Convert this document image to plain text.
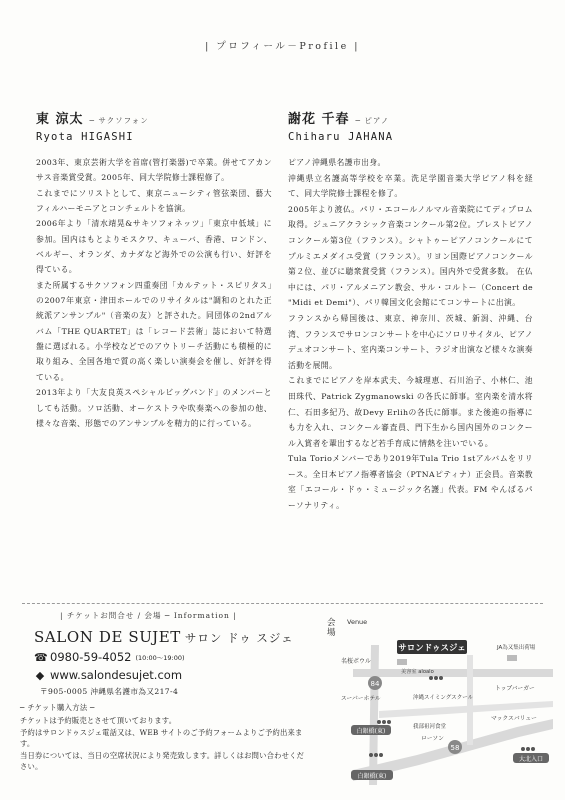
| プロフィール－Profile |
東 涼太 ─ サクソフォン
Ryota HIGASHI

2003年、東京芸術大学を首席(管打楽器)で卒業。併せてアカンサス音楽賞受賞。2005年、同大学院修士課程修了。

これまでにソリストとして、東京ニューシティ管弦楽団、藝大フィルハーモニアとコンチェルトを協演。

2006年より「清水靖晃&サキソフォネッツ」「東京中低域」に参加。国内はもとよりモスクワ、キューバ、香港、ロンドン、ベルギー、オランダ、カナダなど海外での公演も行い、好評を得ている。

また所属するサクソフォン四重奏団「カルテット・スピリタス」の2007年東京・津田ホールでのリサイタルは"調和のとれた正統派アンサンブル"（音楽の友）と評された。同団体の2ndアルバム「THE QUARTET」は「レコード芸術」誌において特選盤に選ばれる。小学校などでのアウトリーチ活動にも積極的に取り組み、全国各地で質の高く楽しい演奏会を催し、好評を得ている。

2013年より「大友良英スペシャルビッグバンド」のメンバーとしても活動。ソロ活動、オーケストラや吹奏楽への参加の他、様々な音楽、形態でのアンサンブルを精力的に行っている。

謝花 千春 ─ ピアノ
Chiharu JAHANA

ピアノ沖縄県名護市出身。

沖縄県立名護高等学校を卒業。洗足学園音楽大学ピアノ科を経て、同大学院修士課程を修了。

2005年より渡仏。パリ・エコールノルマル音楽院にてディプロム取得。ジュニアクラシック音楽コンクール第2位。プレストピアノコンクール第3位（フランス）。シャトゥーピアノコンクールにてプルミエメダイユ受賞（フランス）。リヨン国際ピアノコンクール第２位、並びに聴衆賞受賞（フランス）。国内外で受賞多数。 在仏中には、パリ・アルメニアン教会、サル・コルトー（Concert de "Midi et Demi"）、パリ韓国文化会館にてコンサートに出演。

フランスから帰国後は、東京、神奈川、茨城、新潟、沖縄、台湾、フランスでサロンコンサートを中心にソロリサイタル、ピアノデュオコンサート、室内楽コンサート、ラジオ出演など様々な演奏活動を展開。

これまでにピアノを岸本武夫、今城理恵、石川治子、小林仁、池田珠代、Patrick Zygmanowski の各氏に師事。室内楽を清水将仁、石田多紀乃、故Devy Erlihの各氏に師事。また後進の指導にも力を入れ、コンクール審査員、門下生から国内国外のコンクール入賞者を輩出するなど若手育成に情熱を注いでいる。

Tula Torioメンバーであり2019年Tula Trio 1stアルバムをリリース。全日本ピアノ指導者協会（PTNAピティナ）正会員。音楽教室「エコール・ドゥ・ミュージック名護」代表。FM やんばるパーソナリティ。

| チケットお問合せ / 会場 ─ Information |
SALON DE SUJET サロン ドゥ スジェ
☎ 0980-59-4052 (10:00〜19:00)
◆ www.salondesujet.com
〒905-0005 沖縄県名護市為又217-4
─ チケット購入方法 ─

チケットは予約販売とさせて頂いております。

予約はサロンドゥスジェ電話又は、WEB サイトのご予約フォームよりご予約出来ます。

当日券については、当日の空席状況により発売致します。詳しくはお問い合わせください。

会場
サロンドゥスジェ
Venue
84
58
名桜ボウル
美容室 aloalo
JA為又集出荷場
スーパーホテル	沖縄スイミングスクール
トップバーガー
我部祖河食堂
マックスバリュー
ローソン
白銀橋(東)
白銀橋(東)
大北入口
